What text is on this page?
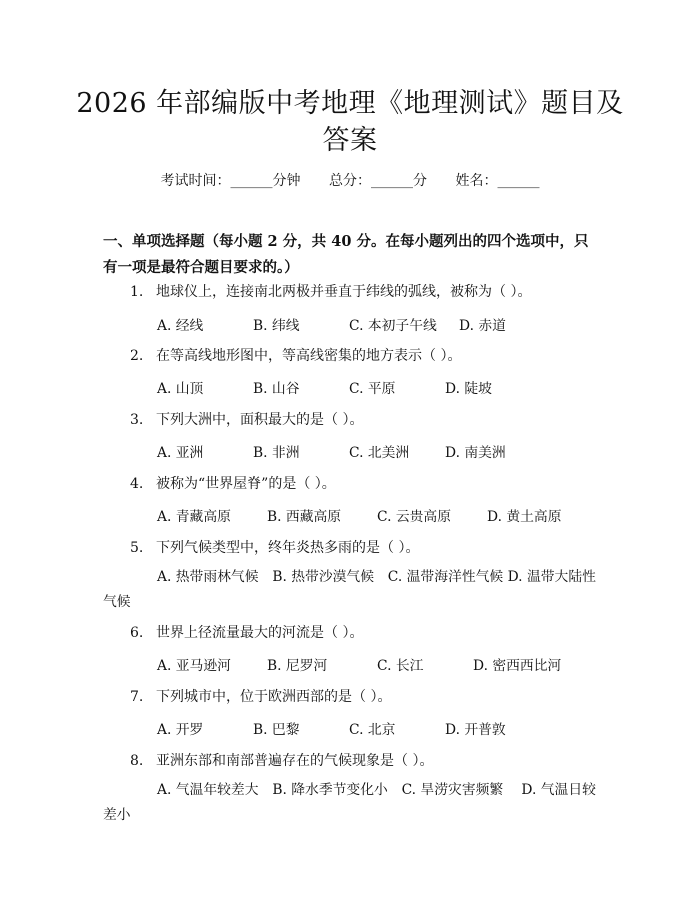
2026 年部编版中考地理《地理测试》题目及
答案
考试时间：______分钟 总分：______分 姓名：______
一、单项选择题（每小题 2 分，共 40 分。在每小题列出的四个选项中，只有一项是最符合题目要求的。）
1. 地球仪上，连接南北两极并垂直于纬线的弧线，被称为（ ）。
A. 经线	B. 纬线	C. 本初子午线 D. 赤道
2. 在等高线地形图中，等高线密集的地方表示（ ）。
A. 山顶	B. 山谷	C. 平原	D. 陡坡
3. 下列大洲中，面积最大的是（ ）。
A. 亚洲	B. 非洲	C. 北美洲	D. 南美洲
4. 被称为“世界屋脊”的是（ ）。
A. 青藏高原	B. 西藏高原	C. 云贵高原	D. 黄土高原
5. 下列气候类型中，终年炎热多雨的是（ ）。
A. 热带雨林气候　B. 热带沙漠气候　C. 温带海洋性气候 D. 温带大陆性气候
6. 世界上径流量最大的河流是（ ）。
A. 亚马逊河	B. 尼罗河	C. 长江	D. 密西西比河
7. 下列城市中，位于欧洲西部的是（ ）。
A. 开罗	B. 巴黎	C. 北京	D. 开普敦
8. 亚洲东部和南部普遍存在的气候现象是（ ）。
A. 气温年较差大　B. 降水季节变化小　C. 旱涝灾害频繁　 D. 气温日较差小
